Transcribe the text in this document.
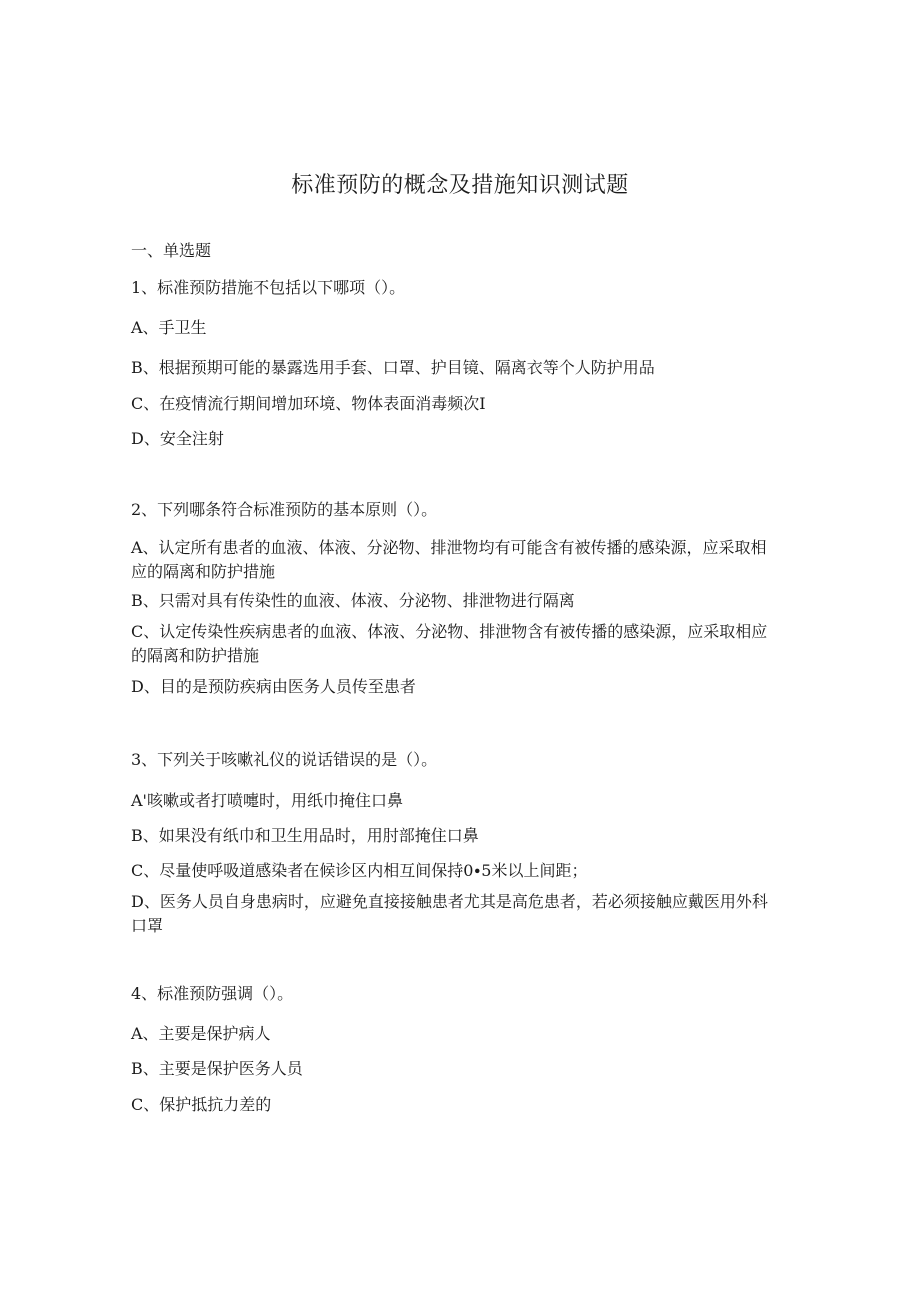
标准预防的概念及措施知识测试题
一、单选题
1、标准预防措施不包括以下哪项（）。
A、手卫生
B、根据预期可能的暴露选用手套、口罩、护目镜、隔离衣等个人防护用品
C、在疫情流行期间增加环境、物体表面消毒频次I
D、安全注射
2、下列哪条符合标准预防的基本原则（）。
A、认定所有患者的血液、体液、分泌物、排泄物均有可能含有被传播的感染源，应采取相应的隔离和防护措施
B、只需对具有传染性的血液、体液、分泌物、排泄物进行隔离
C、认定传染性疾病患者的血液、体液、分泌物、排泄物含有被传播的感染源，应采取相应的隔离和防护措施
D、目的是预防疾病由医务人员传至患者
3、下列关于咳嗽礼仪的说话错误的是（）。
A'咳嗽或者打喷嚏时，用纸巾掩住口鼻
B、如果没有纸巾和卫生用品时，用肘部掩住口鼻
C、尽量使呼吸道感染者在候诊区内相互间保持0∙5米以上间距；
D、医务人员自身患病时，应避免直接接触患者尤其是高危患者，若必须接触应戴医用外科口罩
4、标准预防强调（）。
A、主要是保护病人
B、主要是保护医务人员
C、保护抵抗力差的
